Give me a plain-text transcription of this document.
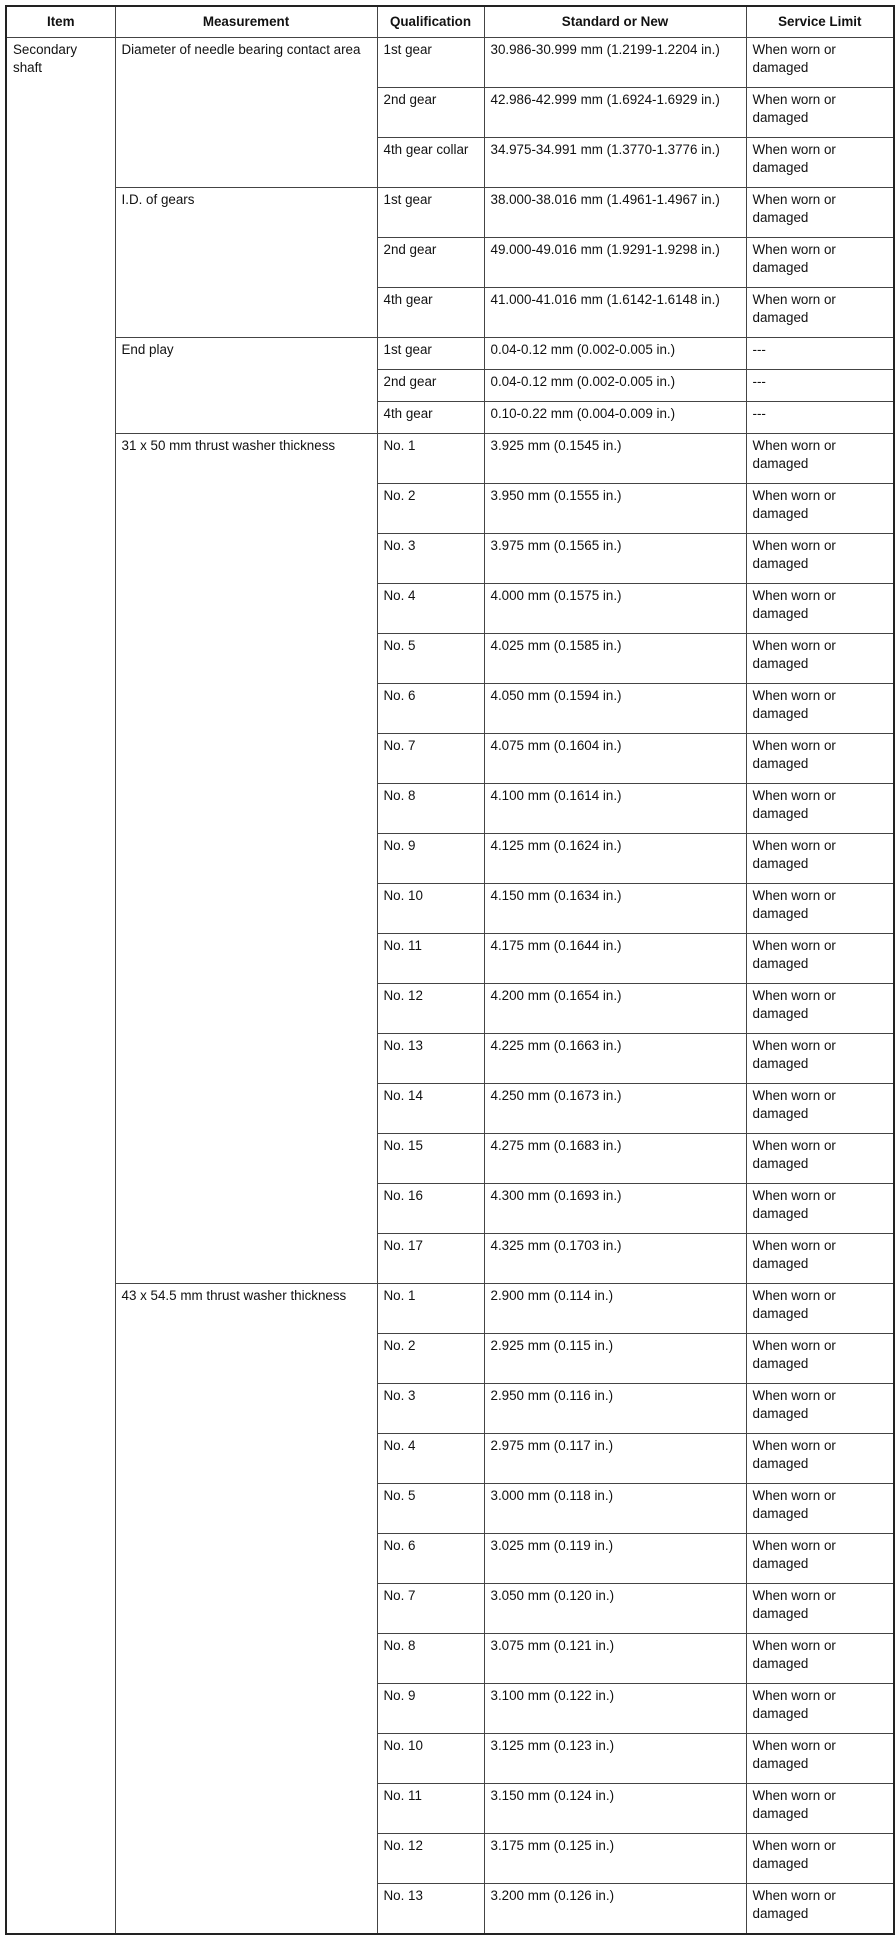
Item	Measurement	Qualification	Standard or New	Service Limit
Secondary shaft	Diameter of needle bearing contact area	1st gear	30.986-30.999 mm (1.2199-1.2204 in.)	When worn or damaged
		2nd gear	42.986-42.999 mm (1.6924-1.6929 in.)	When worn or damaged
		4th gear collar	34.975-34.991 mm (1.3770-1.3776 in.)	When worn or damaged
	I.D. of gears	1st gear	38.000-38.016 mm (1.4961-1.4967 in.)	When worn or damaged
		2nd gear	49.000-49.016 mm (1.9291-1.9298 in.)	When worn or damaged
		4th gear	41.000-41.016 mm (1.6142-1.6148 in.)	When worn or damaged
	End play	1st gear	0.04-0.12 mm (0.002-0.005 in.)	---
		2nd gear	0.04-0.12 mm (0.002-0.005 in.)	---
		4th gear	0.10-0.22 mm (0.004-0.009 in.)	---
	31 x 50 mm thrust washer thickness	No. 1	3.925 mm (0.1545 in.)	When worn or damaged
		No. 2	3.950 mm (0.1555 in.)	When worn or damaged
		No. 3	3.975 mm (0.1565 in.)	When worn or damaged
		No. 4	4.000 mm (0.1575 in.)	When worn or damaged
		No. 5	4.025 mm (0.1585 in.)	When worn or damaged
		No. 6	4.050 mm (0.1594 in.)	When worn or damaged
		No. 7	4.075 mm (0.1604 in.)	When worn or damaged
		No. 8	4.100 mm (0.1614 in.)	When worn or damaged
		No. 9	4.125 mm (0.1624 in.)	When worn or damaged
		No. 10	4.150 mm (0.1634 in.)	When worn or damaged
		No. 11	4.175 mm (0.1644 in.)	When worn or damaged
		No. 12	4.200 mm (0.1654 in.)	When worn or damaged
		No. 13	4.225 mm (0.1663 in.)	When worn or damaged
		No. 14	4.250 mm (0.1673 in.)	When worn or damaged
		No. 15	4.275 mm (0.1683 in.)	When worn or damaged
		No. 16	4.300 mm (0.1693 in.)	When worn or damaged
		No. 17	4.325 mm (0.1703 in.)	When worn or damaged
	43 x 54.5 mm thrust washer thickness	No. 1	2.900 mm (0.114 in.)	When worn or damaged
		No. 2	2.925 mm (0.115 in.)	When worn or damaged
		No. 3	2.950 mm (0.116 in.)	When worn or damaged
		No. 4	2.975 mm (0.117 in.)	When worn or damaged
		No. 5	3.000 mm (0.118 in.)	When worn or damaged
		No. 6	3.025 mm (0.119 in.)	When worn or damaged
		No. 7	3.050 mm (0.120 in.)	When worn or damaged
		No. 8	3.075 mm (0.121 in.)	When worn or damaged
		No. 9	3.100 mm (0.122 in.)	When worn or damaged
		No. 10	3.125 mm (0.123 in.)	When worn or damaged
		No. 11	3.150 mm (0.124 in.)	When worn or damaged
		No. 12	3.175 mm (0.125 in.)	When worn or damaged
		No. 13	3.200 mm (0.126 in.)	When worn or damaged
